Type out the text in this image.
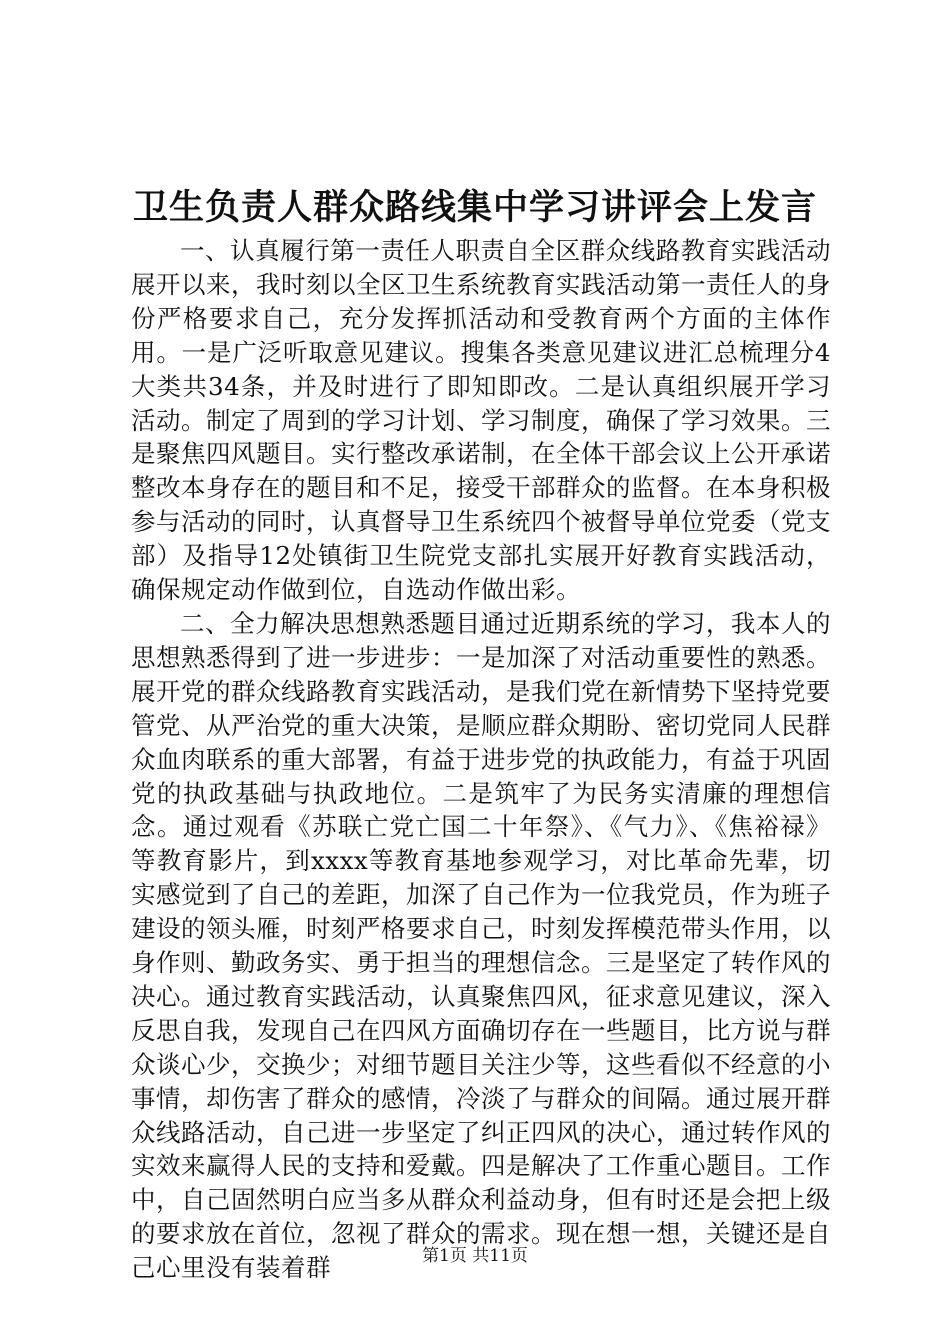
卫生负责人群众路线集中学习讲评会上发言

一、认真履行第一责任人职责自全区群众线路教育实践活动展开以来，我时刻以全区卫生系统教育实践活动第一责任人的身份严格要求自己，充分发挥抓活动和受教育两个方面的主体作用。一是广泛听取意见建议。搜集各类意见建议进汇总梳理分4大类共34条，并及时进行了即知即改。二是认真组织展开学习活动。制定了周到的学习计划、学习制度，确保了学习效果。三是聚焦四风题目。实行整改承诺制，在全体干部会议上公开承诺整改本身存在的题目和不足，接受干部群众的监督。在本身积极参与活动的同时，认真督导卫生系统四个被督导单位党委（党支部）及指导12处镇街卫生院党支部扎实展开好教育实践活动，确保规定动作做到位，自选动作做出彩。

二、全力解决思想熟悉题目通过近期系统的学习，我本人的思想熟悉得到了进一步进步：一是加深了对活动重要性的熟悉。展开党的群众线路教育实践活动，是我们党在新情势下坚持党要管党、从严治党的重大决策，是顺应群众期盼、密切党同人民群众血肉联系的重大部署，有益于进步党的执政能力，有益于巩固党的执政基础与执政地位。二是筑牢了为民务实清廉的理想信念。通过观看《苏联亡党亡国二十年祭》、《气力》、《焦裕禄》等教育影片，到xxxx等教育基地参观学习，对比革命先辈，切实感觉到了自己的差距，加深了自己作为一位我党员，作为班子建设的领头雁，时刻严格要求自己，时刻发挥模范带头作用，以身作则、勤政务实、勇于担当的理想信念。三是坚定了转作风的决心。通过教育实践活动，认真聚焦四风，征求意见建议，深入反思自我，发现自己在四风方面确切存在一些题目，比方说与群众谈心少，交换少；对细节题目关注少等，这些看似不经意的小事情，却伤害了群众的感情，冷淡了与群众的间隔。通过展开群众线路活动，自己进一步坚定了纠正四风的决心，通过转作风的实效来赢得人民的支持和爱戴。四是解决了工作重心题目。工作中，自己固然明白应当多从群众利益动身，但有时还是会把上级的要求放在首位，忽视了群众的需求。现在想一想，关键还是自己心里没有装着群	第1页 共11页
